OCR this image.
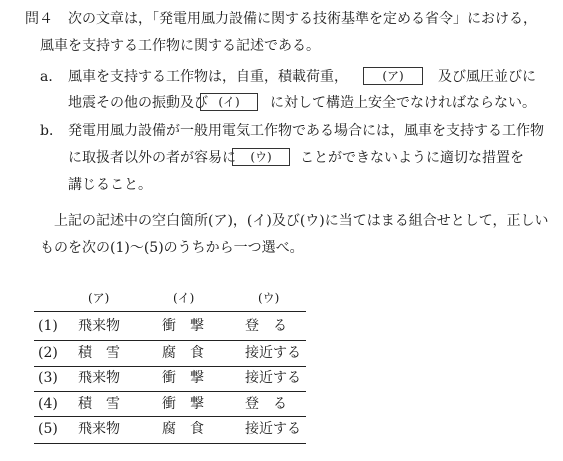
問４ 次の文章は，「発電用風力設備に関する技術基準を定める省令」における，
風車を支持する工作物に関する記述である。
a． 風車を支持する工作物は，自重，積載荷重，	(ア)	及び風圧並びに
地震その他の振動及び (イ)	に対して構造上安全でなければならない。
b． 発電用風力設備が一般用電気工作物である場合には，風車を支持する工作物
に取扱者以外の者が容易に	(ウ)	ことができないように適切な措置を
講じること。
上記の記述中の空白箇所(ア)，(イ)及び(ウ)に当てはまる組合せとして，正しい
ものを次の(1)～(5)のうちから一つ選べ。
(ア)	(イ)	(ウ)
(1) 飛来物	衝　撃	登　る
(2) 積　雪	腐　食	接近する
(3) 飛来物	衝　撃	接近する
(4) 積　雪	衝　撃	登　る
(5) 飛来物	腐　食	接近する
